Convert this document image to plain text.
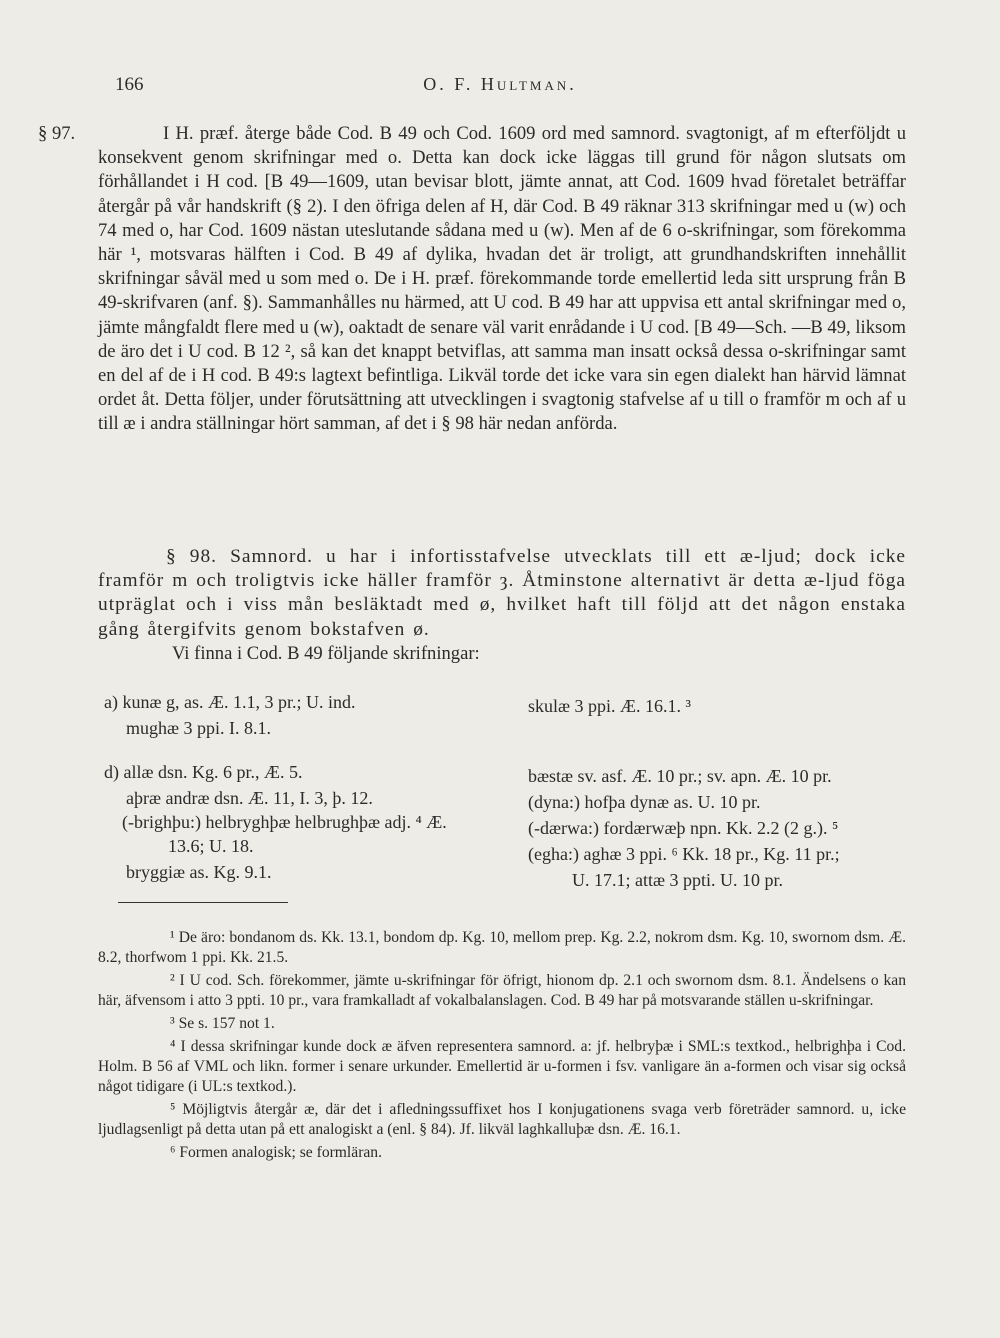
166	O. F. Hultman.
§ 97.	I H. præf. återge både Cod. B 49 och Cod. 1609 ord med samnord. svagtonigt, af m efterföljdt u konsekvent genom skrifningar med o. Detta kan dock icke läggas till grund för någon slutsats om förhållandet i H cod. [B 49—1609, utan bevisar blott, jämte annat, att Cod. 1609 hvad företalet beträffar återgår på vår handskrift (§ 2). I den öfriga delen af H, där Cod. B 49 räknar 313 skrifningar med u (w) och 74 med o, har Cod. 1609 nästan uteslutande sådana med u (w). Men af de 6 o-skrifningar, som förekomma här ¹, motsvaras hälften i Cod. B 49 af dylika, hvadan det är troligt, att grundhandskriften innehållit skrifningar såväl med u som med o. De i H. præf. förekommande torde emellertid leda sitt ursprung från B 49-skrifvaren (anf. §). Sammanhålles nu härmed, att U cod. B 49 har att uppvisa ett antal skrifningar med o, jämte mångfaldt flere med u (w), oaktadt de senare väl varit enrådande i U cod. [B 49—Sch. —B 49, liksom de äro det i U cod. B 12 ², så kan det knappt betviflas, att samma man insatt också dessa o-skrifningar samt en del af de i H cod. B 49:s lagtext befintliga. Likväl torde det icke vara sin egen dialekt han härvid lämnat ordet åt. Detta följer, under förutsättning att utvecklingen i svagtonig stafvelse af u till o framför m och af u till æ i andra ställningar hört samman, af det i § 98 här nedan anförda.
§ 98. Samnord. u har i infortisstafvelse utvecklats till ett æ-ljud; dock icke framför m och troligtvis icke häller framför ȝ. Åtminstone alternativt är detta æ-ljud föga utpräglat och i viss mån besläktadt med ø, hvilket haft till följd att det någon enstaka gång återgifvits genom bokstafven ø.
Vi finna i Cod. B 49 följande skrifningar:
a) kunæ g, as. Æ. 1.1, 3 pr.; U. ind.
mughæ 3 ppi. I. 8.1.
skulæ 3 ppi. Æ. 16.1. ³
d) allæ dsn. Kg. 6 pr., Æ. 5.
aþræ andræ dsn. Æ. 11, I. 3, þ. 12.
(-brighþu:) helbryghþæ helbrughþæ adj. ⁴ Æ.
13.6; U. 18.
bryggiæ as. Kg. 9.1.
bæstæ sv. asf. Æ. 10 pr.; sv. apn. Æ. 10 pr.
(dyna:) hofþa dynæ as. U. 10 pr.
(-dærwa:) fordærwæþ npn. Kk. 2.2 (2 g.). ⁵
(egha:) aghæ 3 ppi. ⁶ Kk. 18 pr., Kg. 11 pr.;
U. 17.1; attæ 3 ppti. U. 10 pr.
¹ De äro: bondanom ds. Kk. 13.1, bondom dp. Kg. 10, mellom prep. Kg. 2.2, nokrom dsm. Kg. 10, swornom dsm. Æ. 8.2, thorfwom 1 ppi. Kk. 21.5.
² I U cod. Sch. förekommer, jämte u-skrifningar för öfrigt, hionom dp. 2.1 och swornom dsm. 8.1. Ändelsens o kan här, äfvensom i atto 3 ppti. 10 pr., vara framkalladt af vokalbalanslagen. Cod. B 49 har på motsvarande ställen u-skrifningar.
³ Se s. 157 not 1.
⁴ I dessa skrifningar kunde dock æ äfven representera samnord. a: jf. helbryþæ i SML:s textkod., helbrighþa i Cod. Holm. B 56 af VML och likn. former i senare urkunder. Emellertid är u-formen i fsv. vanligare än a-formen och visar sig också något tidigare (i UL:s textkod.).
⁵ Möjligtvis återgår æ, där det i afledningssuffixet hos I konjugationens svaga verb företräder samnord. u, icke ljudlagsenligt på detta utan på ett analogiskt a (enl. § 84). Jf. likväl laghkalluþæ dsn. Æ. 16.1.
⁶ Formen analogisk; se formläran.
